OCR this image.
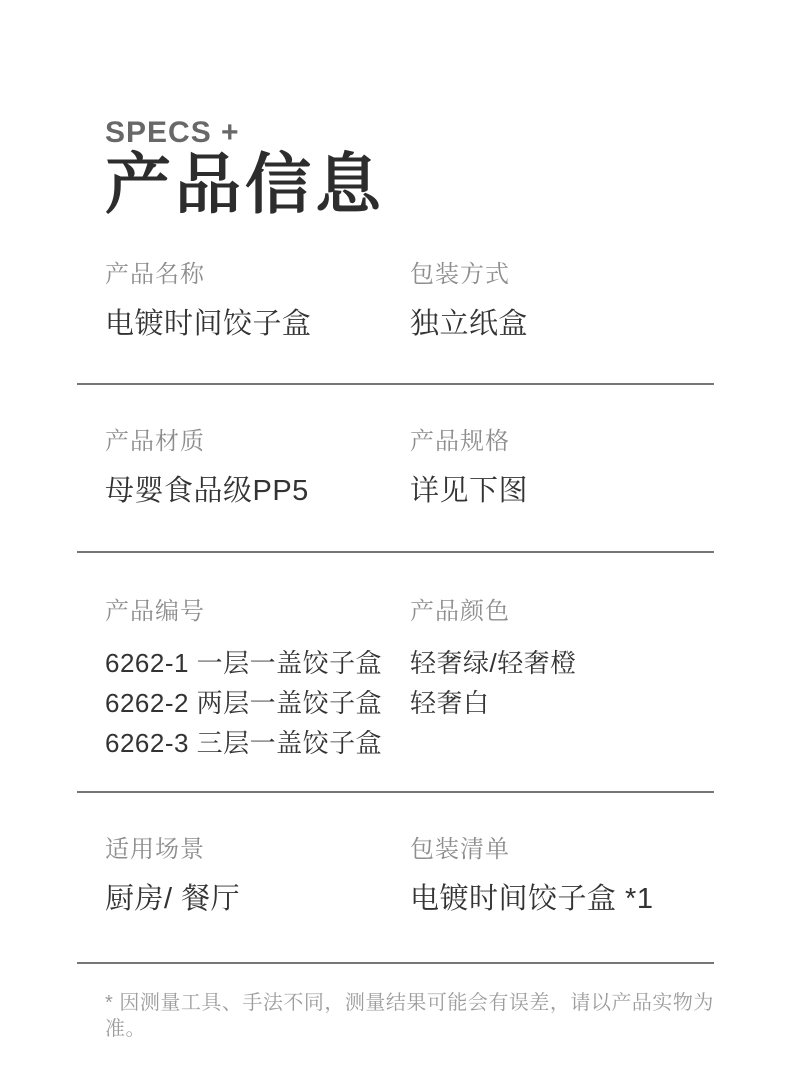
SPECS +
产品信息
产品名称
电镀时间饺子盒
包装方式
独立纸盒
产品材质
母婴食品级PP5
产品规格
详见下图
产品编号
6262-1 一层一盖饺子盒
6262-2 两层一盖饺子盒
6262-3 三层一盖饺子盒
产品颜色
轻奢绿/轻奢橙
轻奢白
适用场景
厨房/ 餐厅
包装清单
电镀时间饺子盒 *1
* 因测量工具、手法不同，测量结果可能会有误差，请以产品实物为准。
